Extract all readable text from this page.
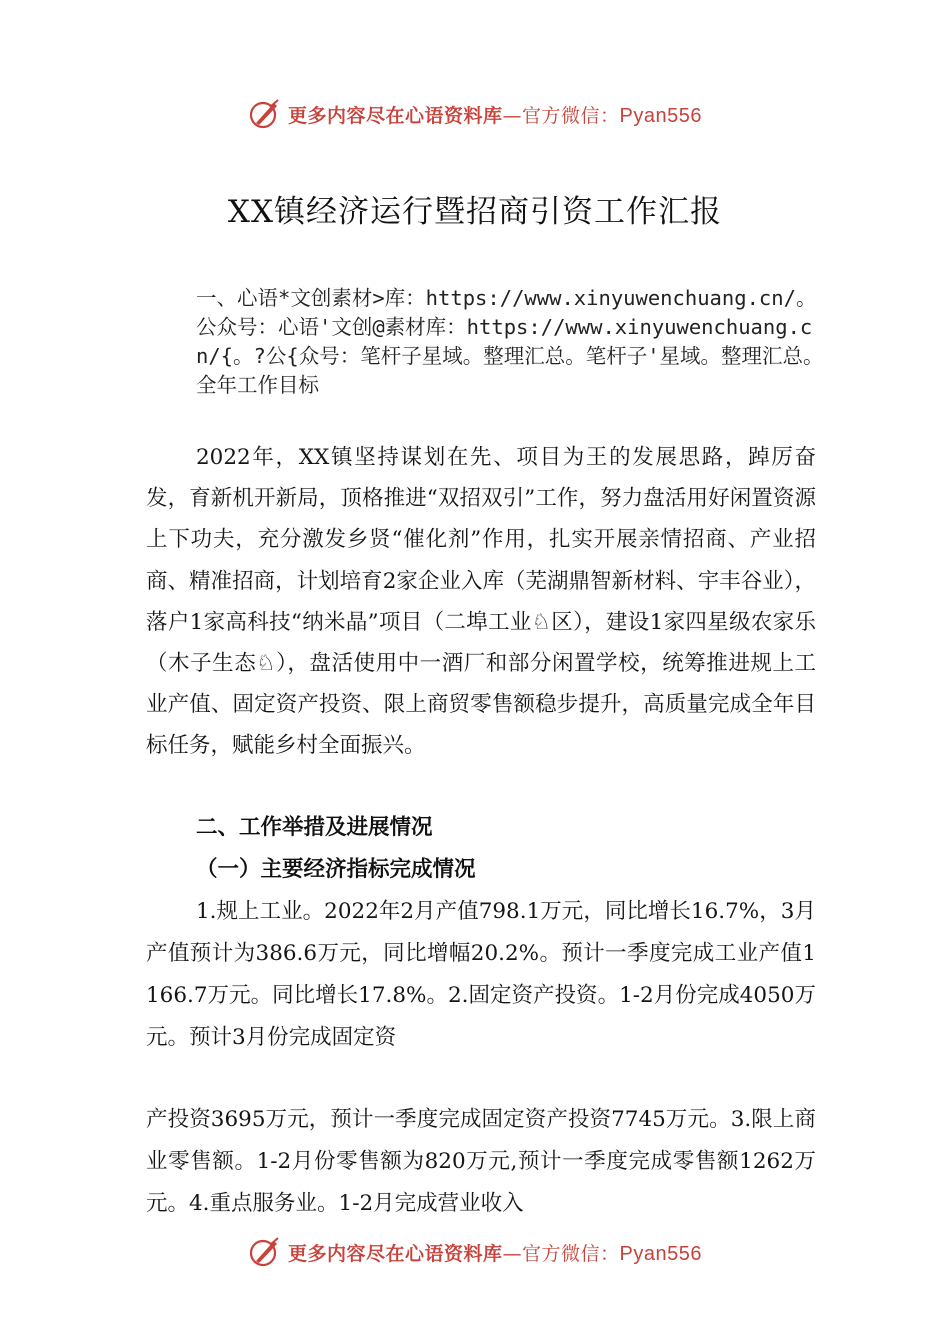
更多内容尽在心语资料库—官方微信：Pyan556
XX镇经济运行暨招商引资工作汇报
一、心语*文创素材>库：https://www.xinyuwenchuang.cn/。公众号：心语'文创@素材库：https://www.xinyuwenchuang.cn/{。?公{众号：笔杆子星域。整理汇总。笔杆子'星域。整理汇总。全年工作目标
2022年，XX镇坚持谋划在先、项目为王的发展思路，踔厉奋发，育新机开新局，顶格推进“双招双引”工作，努力盘活用好闲置资源上下功夫，充分激发乡贤“催化剂”作用，扎实开展亲情招商、产业招商、精准招商，计划培育2家企业入库（芜湖鼎智新材料、宇丰谷业），落户1家高科技“纳米晶”项目（二埠工业♘区），建设1家四星级农家乐（木子生态♘），盘活使用中一酒厂和部分闲置学校，统筹推进规上工业产值、固定资产投资、限上商贸零售额稳步提升，高质量完成全年目标任务，赋能乡村全面振兴。
二、工作举措及进展情况
（一）主要经济指标完成情况
1.规上工业。2022年2月产值798.1万元，同比增长16.7%，3月产值预计为386.6万元，同比增幅20.2%。预计一季度完成工业产值1166.7万元。同比增长17.8%。2.固定资产投资。1-2月份完成4050万元。预计3月份完成固定资
产投资3695万元，预计一季度完成固定资产投资7745万元。3.限上商业零售额。1-2月份零售额为820万元,预计一季度完成零售额1262万元。4.重点服务业。1-2月完成营业收入
更多内容尽在心语资料库—官方微信：Pyan556
